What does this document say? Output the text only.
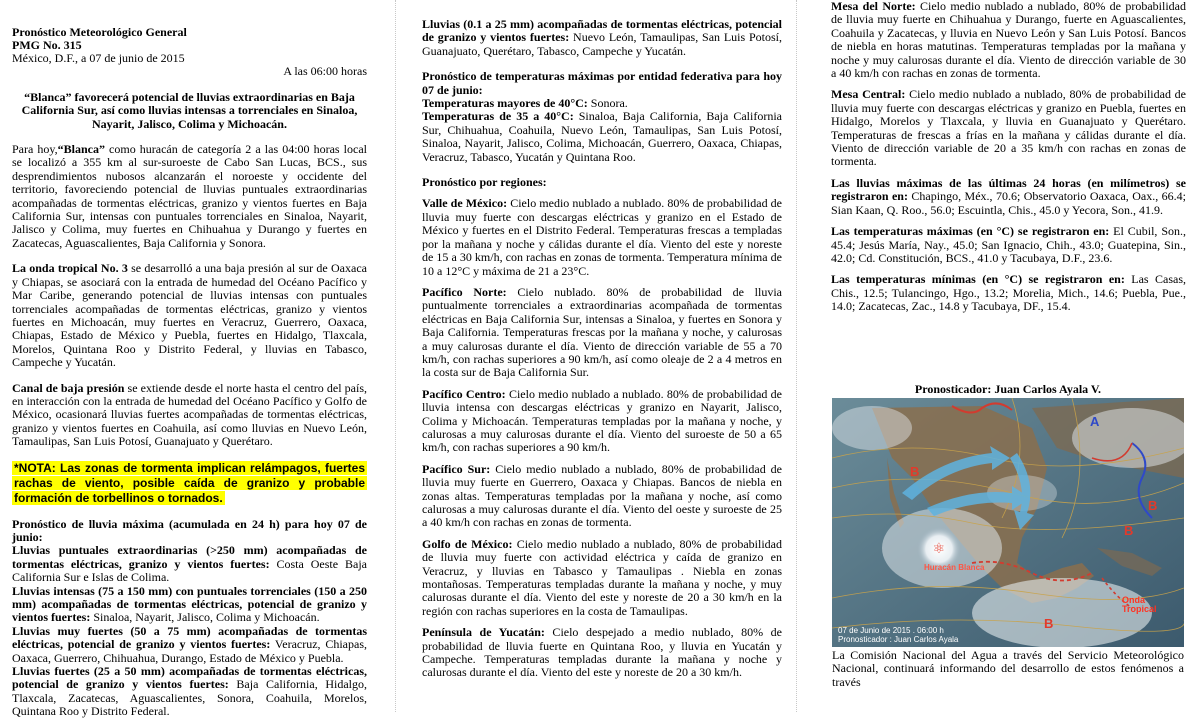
Pronóstico Meteorológico General

PMG No. 315

México, D.F., a 07 de junio de 2015

A las 06:00 horas

“Blanca” favorecerá potencial de lluvias extraordinarias en Baja California Sur, así como lluvias intensas a torrenciales en Sinaloa, Nayarit, Jalisco, Colima y Michoacán.

Para hoy,“Blanca” como huracán de categoría 2 a las 04:00 horas local se localizó a 355 km al sur-suroeste de Cabo San Lucas, BCS., sus desprendimientos nubosos alcanzarán el noroeste y occidente del territorio, favoreciendo potencial de lluvias puntuales extraordinarias acompañadas de tormentas eléctricas, granizo y vientos fuertes en Baja California Sur, intensas con puntuales torrenciales en Sinaloa, Nayarit, Jalisco y Colima, muy fuertes en Chihuahua y Durango y fuertes en Zacatecas, Aguascalientes, Baja California y Sonora.

La onda tropical No. 3 se desarrolló a una baja presión al sur de Oaxaca y Chiapas, se asociará con la entrada de humedad del Océano Pacífico y Mar Caribe, generando potencial de lluvias intensas con puntuales torrenciales acompañadas de tormentas eléctricas, granizo y vientos fuertes en Michoacán, muy fuertes en Veracruz, Guerrero, Oaxaca, Chiapas, Estado de México y Puebla, fuertes en Hidalgo, Tlaxcala, Morelos, Quintana Roo y Distrito Federal, y lluvias en Tabasco, Campeche y Yucatán.

Canal de baja presión se extiende desde el norte hasta el centro del país, en interacción con la entrada de humedad del Océano Pacífico y Golfo de México, ocasionará lluvias fuertes acompañadas de tormentas eléctricas, granizo y vientos fuertes en Coahuila, así como lluvias en Nuevo León, Tamaulipas, San Luis Potosí, Guanajuato y Querétaro.

*NOTA: Las zonas de tormenta implican relámpagos, fuertes rachas de viento, posible caída de granizo y probable formación de torbellinos o tornados.

Pronóstico de lluvia máxima (acumulada en 24 h) para hoy 07 de junio:

Lluvias puntuales extraordinarias (>250 mm) acompañadas de tormentas eléctricas, granizo y vientos fuertes: Costa Oeste Baja California Sur e Islas de Colima.

Lluvias intensas (75 a 150 mm) con puntuales torrenciales (150 a 250 mm) acompañadas de tormentas eléctricas, potencial de granizo y vientos fuertes: Sinaloa, Nayarit, Jalisco, Colima y Michoacán.

Lluvias muy fuertes (50 a 75 mm) acompañadas de tormentas eléctricas, potencial de granizo y vientos fuertes: Veracruz, Chiapas, Oaxaca, Guerrero, Chihuahua, Durango, Estado de México y Puebla.

Lluvias fuertes (25 a 50 mm) acompañadas de tormentas eléctricas, potencial de granizo y vientos fuertes: Baja California, Hidalgo, Tlaxcala, Zacatecas, Aguascalientes, Sonora, Coahuila, Morelos, Quintana Roo y Distrito Federal.

Lluvias (0.1 a 25 mm) acompañadas de tormentas eléctricas, potencial de granizo y vientos fuertes: Nuevo León, Tamaulipas, San Luis Potosí, Guanajuato, Querétaro, Tabasco, Campeche y Yucatán.

Pronóstico de temperaturas máximas por entidad federativa para hoy 07 de junio:

Temperaturas mayores de 40°C: Sonora.

Temperaturas de 35 a 40°C: Sinaloa, Baja California, Baja California Sur, Chihuahua, Coahuila, Nuevo León, Tamaulipas, San Luis Potosí, Sinaloa, Nayarit, Jalisco, Colima, Michoacán, Guerrero, Oaxaca, Chiapas, Veracruz, Tabasco, Yucatán y Quintana Roo.

Pronóstico por regiones:

Valle de México: Cielo medio nublado a nublado. 80% de probabilidad de lluvia muy fuerte con descargas eléctricas y granizo en el Estado de México y fuertes en el Distrito Federal. Temperaturas frescas a templadas por la mañana y noche y cálidas durante el día. Viento del este y noreste de 15 a 30 km/h, con rachas en zonas de tormenta. Temperatura mínima de 10 a 12°C y máxima de 21 a 23°C.

Pacífico Norte: Cielo nublado. 80% de probabilidad de lluvia puntualmente torrenciales a extraordinarias acompañada de tormentas eléctricas en Baja California Sur, intensas a Sinaloa, y fuertes en Sonora y Baja California. Temperaturas frescas por la mañana y noche, y calurosas a muy calurosas durante el día. Viento de dirección variable de 55 a 70 km/h, con rachas superiores a 90 km/h, así como oleaje de 2 a 4 metros en la costa sur de Baja California Sur.

Pacífico Centro: Cielo medio nublado a nublado. 80% de probabilidad de lluvia intensa con descargas eléctricas y granizo en Nayarit, Jalisco, Colima y Michoacán. Temperaturas templadas por la mañana y noche, y calurosas a muy calurosas durante el día. Viento del suroeste de 50 a 65 km/h, con rachas superiores a 90 km/h.

Pacífico Sur: Cielo medio nublado a nublado, 80% de probabilidad de lluvia muy fuerte en Guerrero, Oaxaca y Chiapas. Bancos de niebla en zonas altas. Temperaturas templadas por la mañana y noche, así como calurosas a muy calurosas durante el día. Viento del oeste y suroeste de 25 a 40 km/h con rachas en zonas de tormenta.

Golfo de México: Cielo medio nublado a nublado, 80% de probabilidad de lluvia muy fuerte con actividad eléctrica y caída de granizo en Veracruz, y lluvias en Tabasco y Tamaulipas . Niebla en zonas montañosas. Temperaturas templadas durante la mañana y noche, y muy calurosas durante el día. Viento del este y noreste de 20 a 30 km/h en la región con rachas superiores en la costa de Tamaulipas.

Península de Yucatán: Cielo despejado a medio nublado, 80% de probabilidad de lluvia fuerte en Quintana Roo, y lluvia en Yucatán y Campeche. Temperaturas templadas durante la mañana y noche y calurosas durante el día. Viento del este y noreste de 20 a 30 km/h.

Mesa del Norte: Cielo medio nublado a nublado, 80% de probabilidad de lluvia muy fuerte en Chihuahua y Durango, fuerte en Aguascalientes, Coahuila y Zacatecas, y lluvia en Nuevo León y San Luis Potosí. Bancos de niebla en horas matutinas. Temperaturas templadas por la mañana y noche y muy calurosas durante el día. Viento de dirección variable de 30 a 40 km/h con rachas en zonas de tormenta.

Mesa Central: Cielo medio nublado a nublado, 80% de probabilidad de lluvia muy fuerte con descargas eléctricas y granizo en Puebla, fuertes en Hidalgo, Morelos y Tlaxcala, y lluvia en Guanajuato y Querétaro. Temperaturas de frescas a frías en la mañana y cálidas durante el día. Viento de dirección variable de 20 a 35 km/h con rachas en zonas de tormenta.

Las lluvias máximas de las últimas 24 horas (en milímetros) se registraron en: Chapingo, Méx., 70.6; Observatorio Oaxaca, Oax., 66.4; Sian Kaan, Q. Roo., 56.0; Escuintla, Chis., 45.0 y Yecora, Son., 41.9.

Las temperaturas máximas (en °C) se registraron en: El Cubil, Son., 45.4; Jesús María, Nay., 45.0; San Ignacio, Chih., 43.0; Guatepina, Sin., 42.0; Cd. Constitución, BCS., 41.0 y Tacubaya, D.F., 23.6.

Las temperaturas mínimas (en °C) se registraron en: Las Casas, Chis., 12.5; Tulancingo, Hgo., 13.2; Morelia, Mich., 14.6; Puebla, Pue., 14.0; Zacatecas, Zac., 14.8 y Tacubaya, DF., 15.4.

Pronosticador: Juan Carlos Ayala V.

⚛
B
A
B
B
B
Huracán Blanca
Onda Tropical
07 de Junio de 2015 . 06:00 h
Pronosticador : Juan Carlos Ayala

La Comisión Nacional del Agua a través del Servicio Meteorológico Nacional, continuará informando del desarrollo de estos fenómenos a través
